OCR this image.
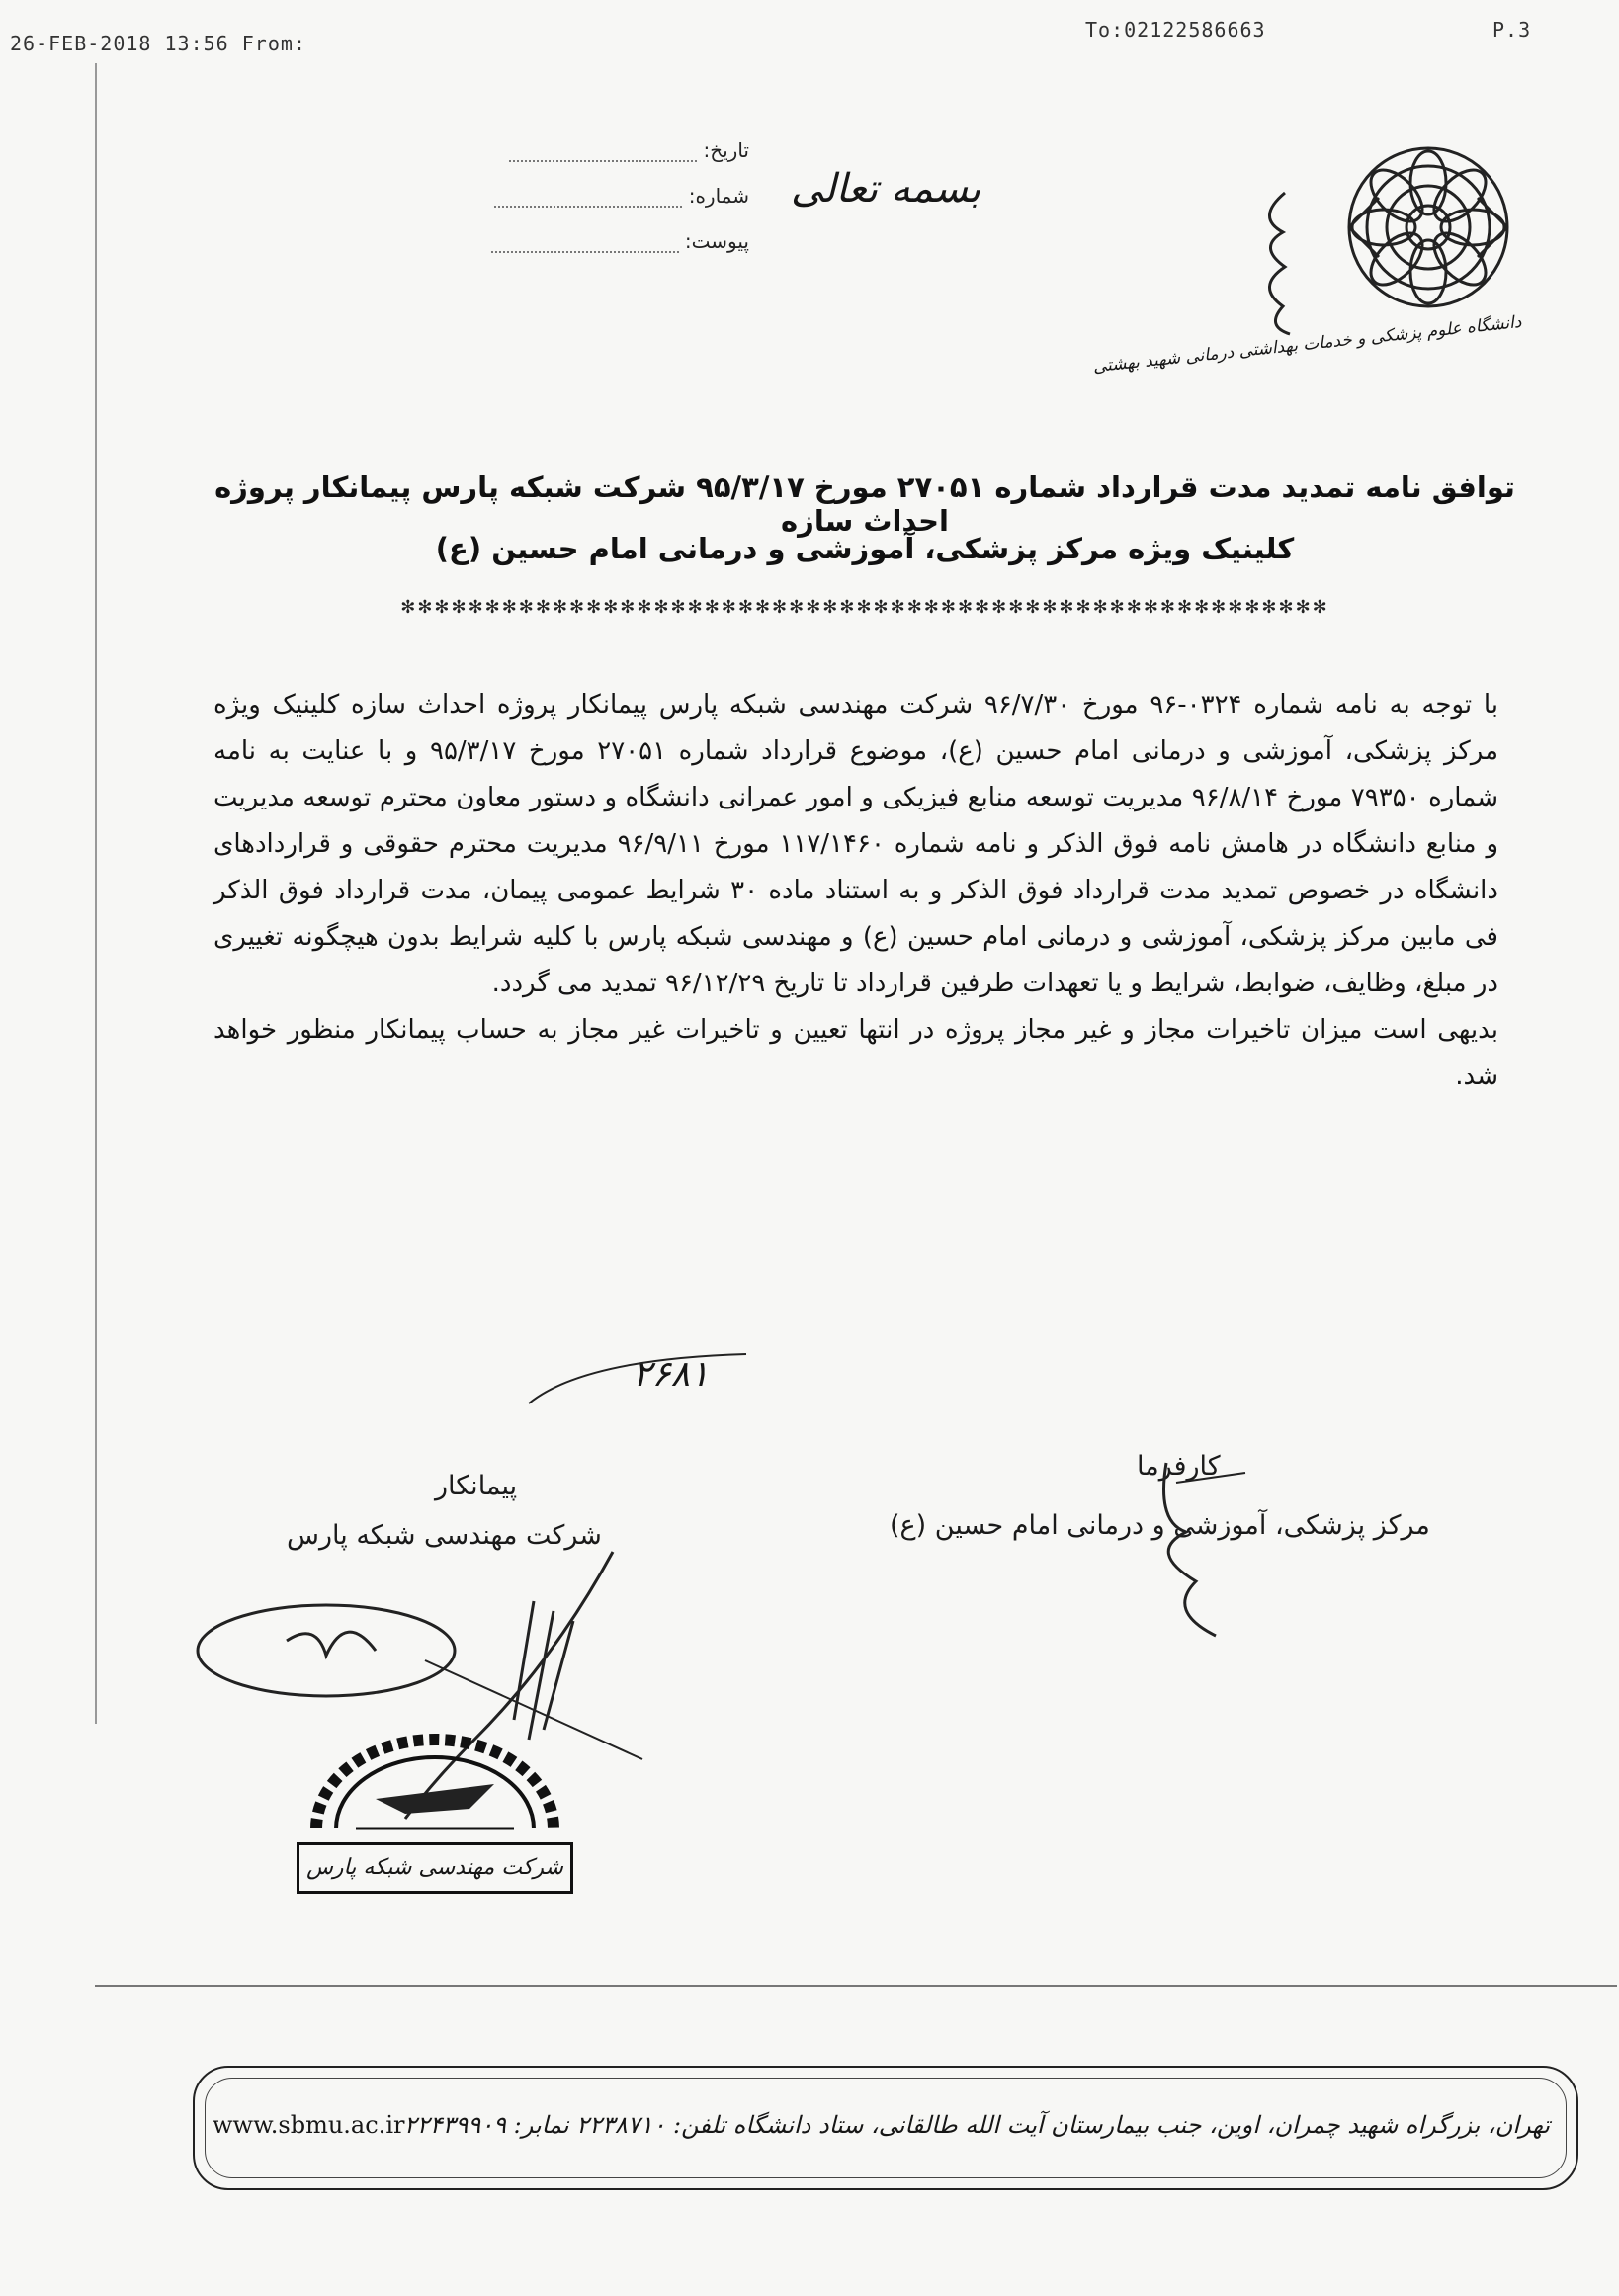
26-FEB-2018 13:56 From:
To:02122586663	P.3
تاریخ:
شماره:
پیوست:
بسمه تعالی
دانشگاه علوم پزشکی و خدمات بهداشتی درمانی شهید بهشتی
توافق نامه تمدید مدت قرارداد شماره ۲۷۰۵۱ مورخ ۹۵/۳/۱۷ شرکت شبکه پارس پیمانکار پروژه احداث سازه
کلینیک ویژه مرکز پزشکی، آموزشی و درمانی امام حسین (ع)
✻✻✻✻✻✻✻✻✻✻✻✻✻✻✻✻✻✻✻✻✻✻✻✻✻✻✻✻✻✻✻✻✻✻✻✻✻✻✻✻✻✻✻✻✻✻✻✻✻✻✻✻✻✻✻

با توجه به نامه شماره ۰۳۲۴-۹۶ مورخ ۹۶/۷/۳۰ شرکت مهندسی شبکه پارس پیمانکار پروژه احداث سازه کلینیک ویژه مرکز پزشکی، آموزشی و درمانی امام حسین (ع)، موضوع قرارداد شماره ۲۷۰۵۱ مورخ ۹۵/۳/۱۷ و با عنایت به نامه شماره ۷۹۳۵۰ مورخ ۹۶/۸/۱۴ مدیریت توسعه منابع فیزیکی و امور عمرانی دانشگاه و دستور معاون محترم توسعه مدیریت و منابع دانشگاه در هامش نامه فوق الذکر و نامه شماره ۱۱۷/۱۴۶۰ مورخ ۹۶/۹/۱۱ مدیریت محترم حقوقی و قراردادهای دانشگاه در خصوص تمدید مدت قرارداد فوق الذکر و به استناد ماده ۳۰ شرایط عمومی پیمان، مدت قرارداد فوق الذکر فی مابین مرکز پزشکی، آموزشی و درمانی امام حسین (ع) و مهندسی شبکه پارس با کلیه شرایط بدون هیچگونه تغییری در مبلغ، وظایف، ضوابط، شرایط و یا تعهدات طرفین قرارداد تا تاریخ ۹۶/۱۲/۲۹ تمدید می گردد.

بدیهی است میزان تاخیرات مجاز و غیر مجاز پروژه در انتها تعیین و تاخیرات غیر مجاز به حساب پیمانکار منظور خواهد شد.

۲۶۸۱
کارفرما
مرکز پزشکی، آموزشی و درمانی امام حسین (ع)
پیمانکار
شرکت مهندسی شبکه پارس
شرکت مهندسی شبکه پارس
تهران، بزرگراه شهید چمران، اوین، جنب بیمارستان آیت الله طالقانی، ستاد دانشگاه تلفن: ۲۲۳۸۷۱۰ نمابر: ۲۲۴۳۹۹۰۹
www.sbmu.ac.ir
